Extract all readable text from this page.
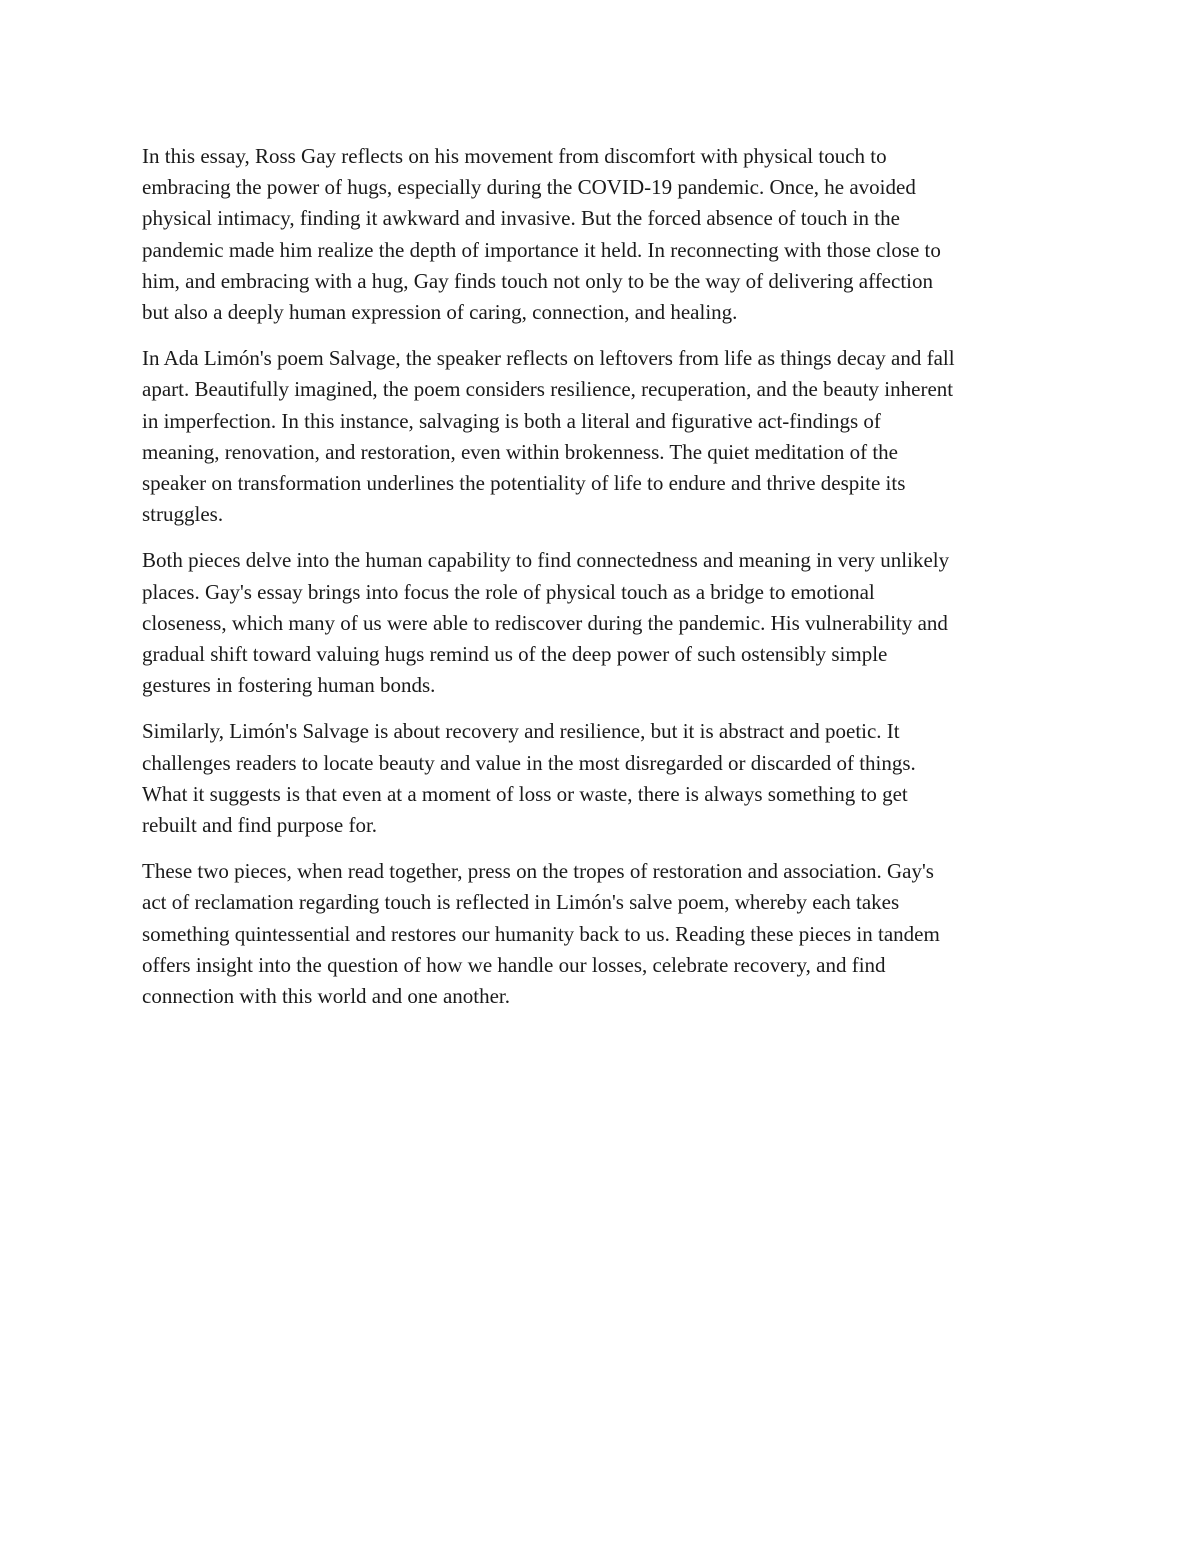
In this essay, Ross Gay reflects on his movement from discomfort with physical touch to
embracing the power of hugs, especially during the COVID-19 pandemic. Once, he avoided
physical intimacy, finding it awkward and invasive. But the forced absence of touch in the
pandemic made him realize the depth of importance it held. In reconnecting with those close to
him, and embracing with a hug, Gay finds touch not only to be the way of delivering affection
but also a deeply human expression of caring, connection, and healing.

In Ada Limón's poem Salvage, the speaker reflects on leftovers from life as things decay and fall
apart. Beautifully imagined, the poem considers resilience, recuperation, and the beauty inherent
in imperfection. In this instance, salvaging is both a literal and figurative act-findings of
meaning, renovation, and restoration, even within brokenness. The quiet meditation of the
speaker on transformation underlines the potentiality of life to endure and thrive despite its
struggles.

Both pieces delve into the human capability to find connectedness and meaning in very unlikely
places. Gay's essay brings into focus the role of physical touch as a bridge to emotional
closeness, which many of us were able to rediscover during the pandemic. His vulnerability and
gradual shift toward valuing hugs remind us of the deep power of such ostensibly simple
gestures in fostering human bonds.

Similarly, Limón's Salvage is about recovery and resilience, but it is abstract and poetic. It
challenges readers to locate beauty and value in the most disregarded or discarded of things.
What it suggests is that even at a moment of loss or waste, there is always something to get
rebuilt and find purpose for.

These two pieces, when read together, press on the tropes of restoration and association. Gay's
act of reclamation regarding touch is reflected in Limón's salve poem, whereby each takes
something quintessential and restores our humanity back to us. Reading these pieces in tandem
offers insight into the question of how we handle our losses, celebrate recovery, and find
connection with this world and one another.
